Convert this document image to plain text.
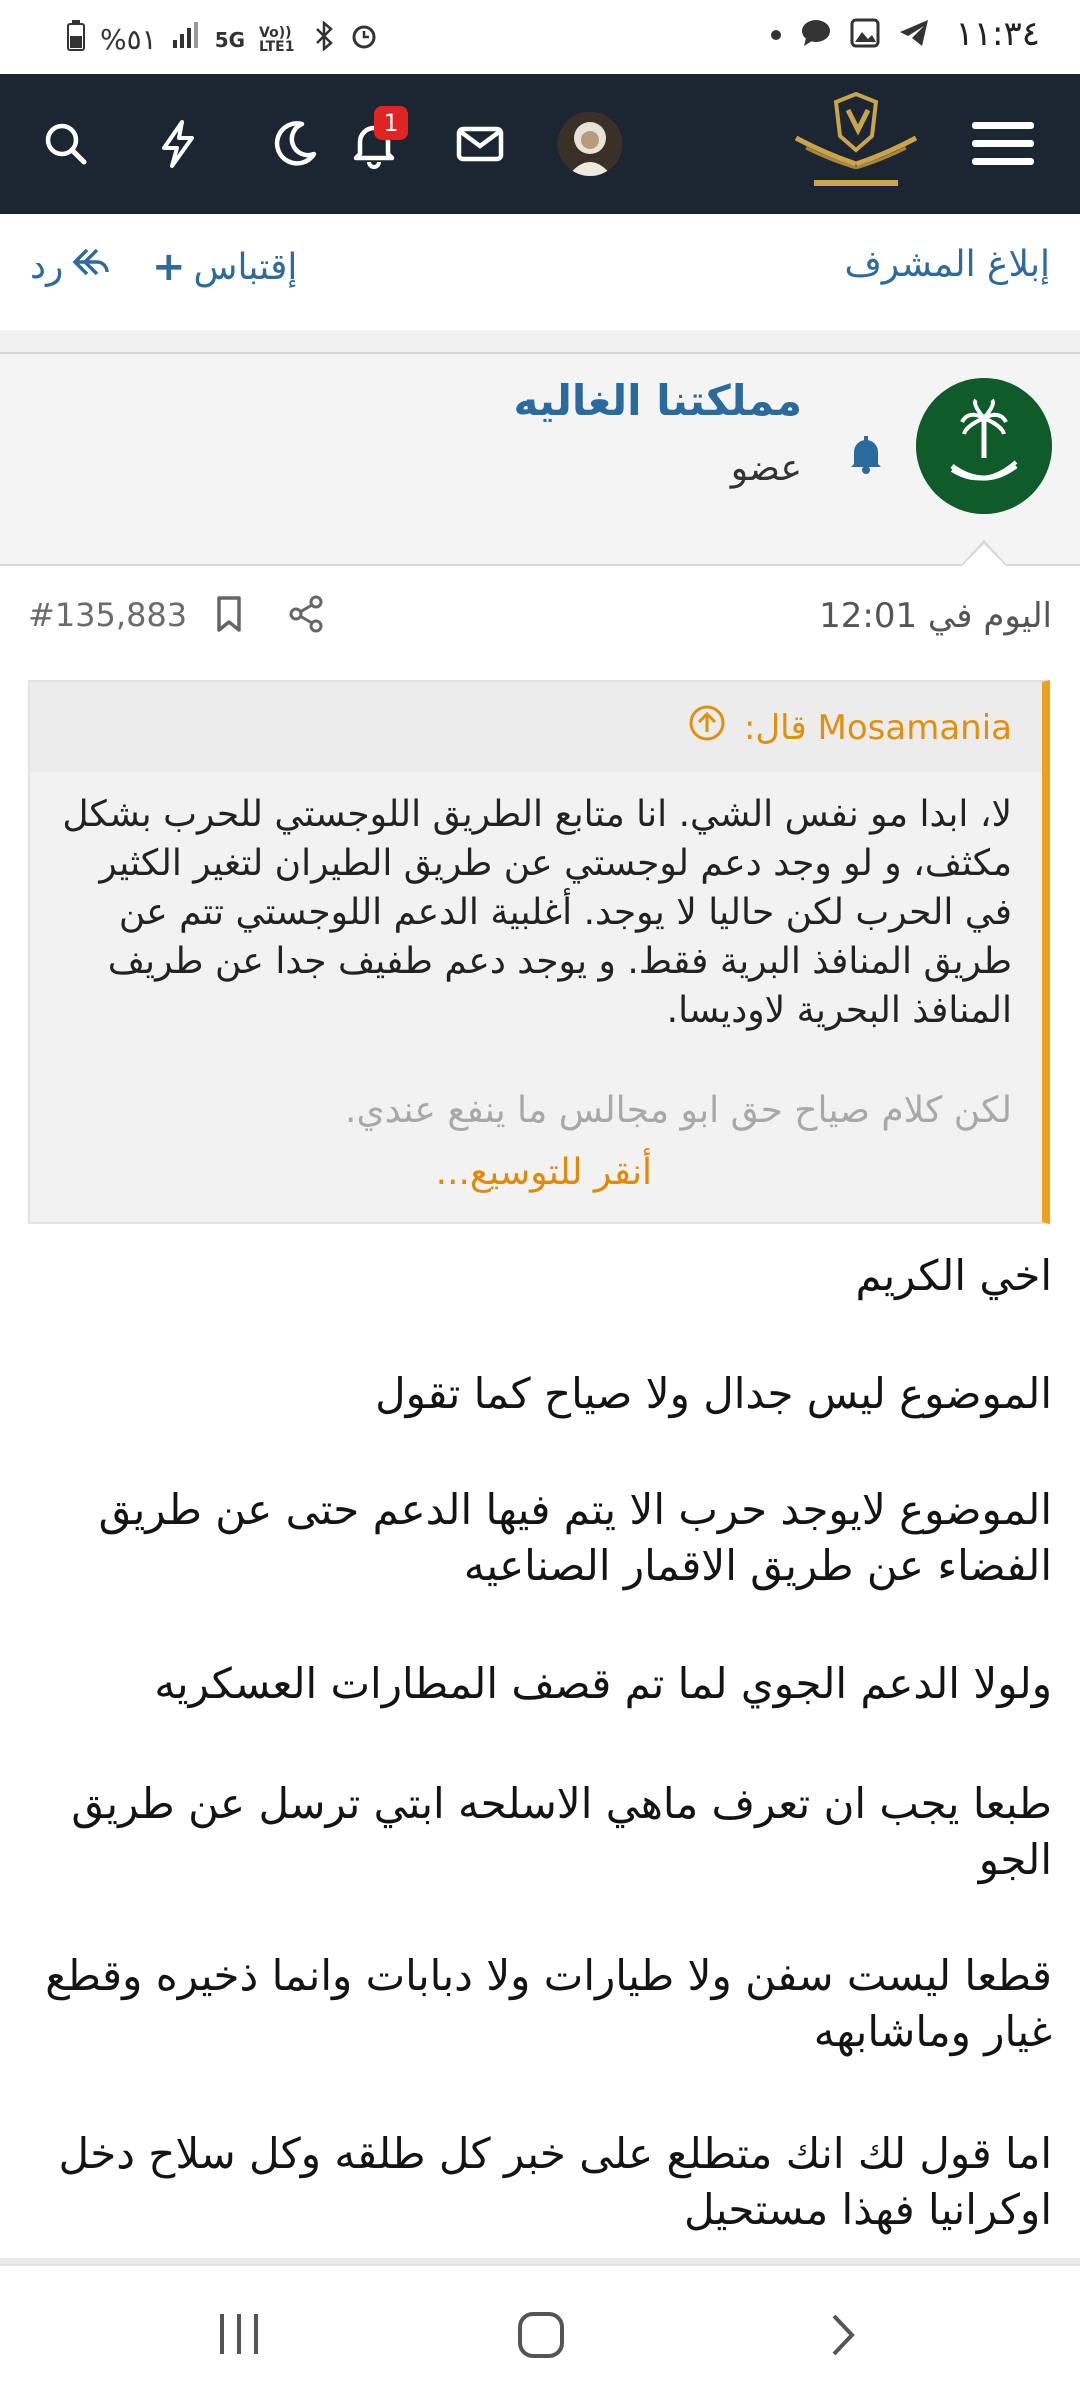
%٥١	5G Vo)) LTE1	١١:٣٤
1
إبلاغ المشرف
إقتباس
+
رد
مملكتنا الغاليه
عضو
اليوم في 12:01
#135,883
Mosamania قال:
لا، ابدا مو نفس الشي. انا متابع الطريق اللوجستي للحرب بشكل مكثف، و لو وجد دعم لوجستي عن طريق الطيران لتغير الكثير في الحرب لكن حاليا لا يوجد. أغلبية الدعم اللوجستي تتم عن طريق المنافذ البرية فقط. و يوجد دعم طفيف جدا عن طريف المنافذ البحرية لاوديسا.
لكن كلام صياح حق ابو مجالس ما ينفع عندي.
أنقر للتوسيع...
اخي الكريم
الموضوع ليس جدال ولا صياح كما تقول
الموضوع لايوجد حرب الا يتم فيها الدعم حتى عن طريق الفضاء عن طريق الاقمار الصناعيه
ولولا الدعم الجوي لما تم قصف المطارات العسكريه
طبعا يجب ان تعرف ماهي الاسلحه ابتي ترسل عن طريق الجو
قطعا ليست سفن ولا طيارات ولا دبابات وانما ذخيره وقطع غيار وماشابهه
اما قول لك انك متطلع على خبر كل طلقه وكل سلاح دخل اوكرانيا فهذا مستحيل
